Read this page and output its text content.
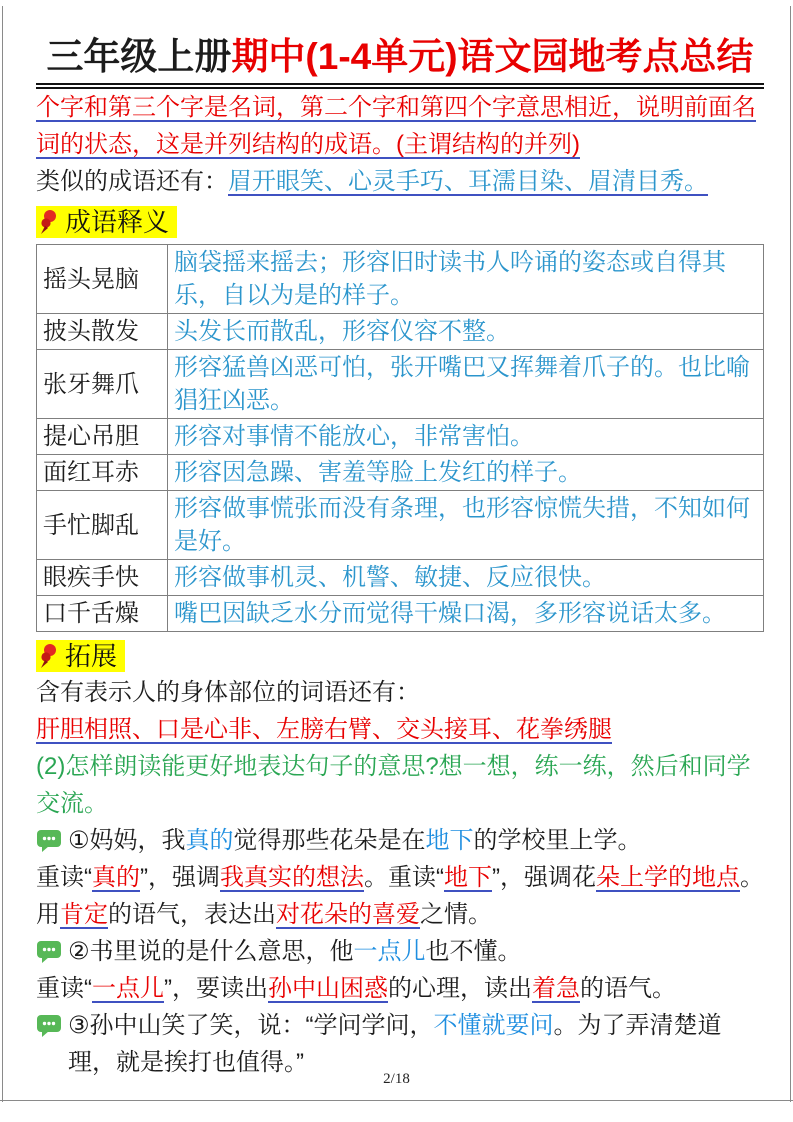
三年级上册期中(1-4单元)语文园地考点总结

个字和第三个字是名词，第二个字和第四个字意思相近，说明前面名词的状态，这是并列结构的成语。(主谓结构的并列)

类似的成语还有：眉开眼笑、心灵手巧、耳濡目染、眉清目秀。

成语释义
摇头晃脑	脑袋摇来摇去；形容旧时读书人吟诵的姿态或自得其乐，自以为是的样子。
披头散发	头发长而散乱，形容仪容不整。
张牙舞爪	形容猛兽凶恶可怕，张开嘴巴又挥舞着爪子的。也比喻猖狂凶恶。
提心吊胆	形容对事情不能放心，非常害怕。
面红耳赤	形容因急躁、害羞等脸上发红的样子。
手忙脚乱	形容做事慌张而没有条理，也形容惊慌失措，不知如何是好。
眼疾手快	形容做事机灵、机警、敏捷、反应很快。
口千舌燥	嘴巴因缺乏水分而觉得干燥口渴，多形容说话太多。
拓展

含有表示人的身体部位的词语还有：

肝胆相照、口是心非、左膀右臂、交头接耳、花拳绣腿

(2)怎样朗读能更好地表达句子的意思?想一想，练一练，然后和同学交流。

①妈妈，我真的觉得那些花朵是在地下的学校里上学。

重读“真的”，强调我真实的想法。重读“地下”，强调花朵上学的地点。用肯定的语气，表达出对花朵的喜爱之情。

②书里说的是什么意思，他一点儿也不懂。

重读“一点儿”，要读出孙中山困惑的心理，读出着急的语气。

③孙中山笑了笑，说：“学问学问，不懂就要问。为了弄清楚道理，就是挨打也值得。”
2/18
